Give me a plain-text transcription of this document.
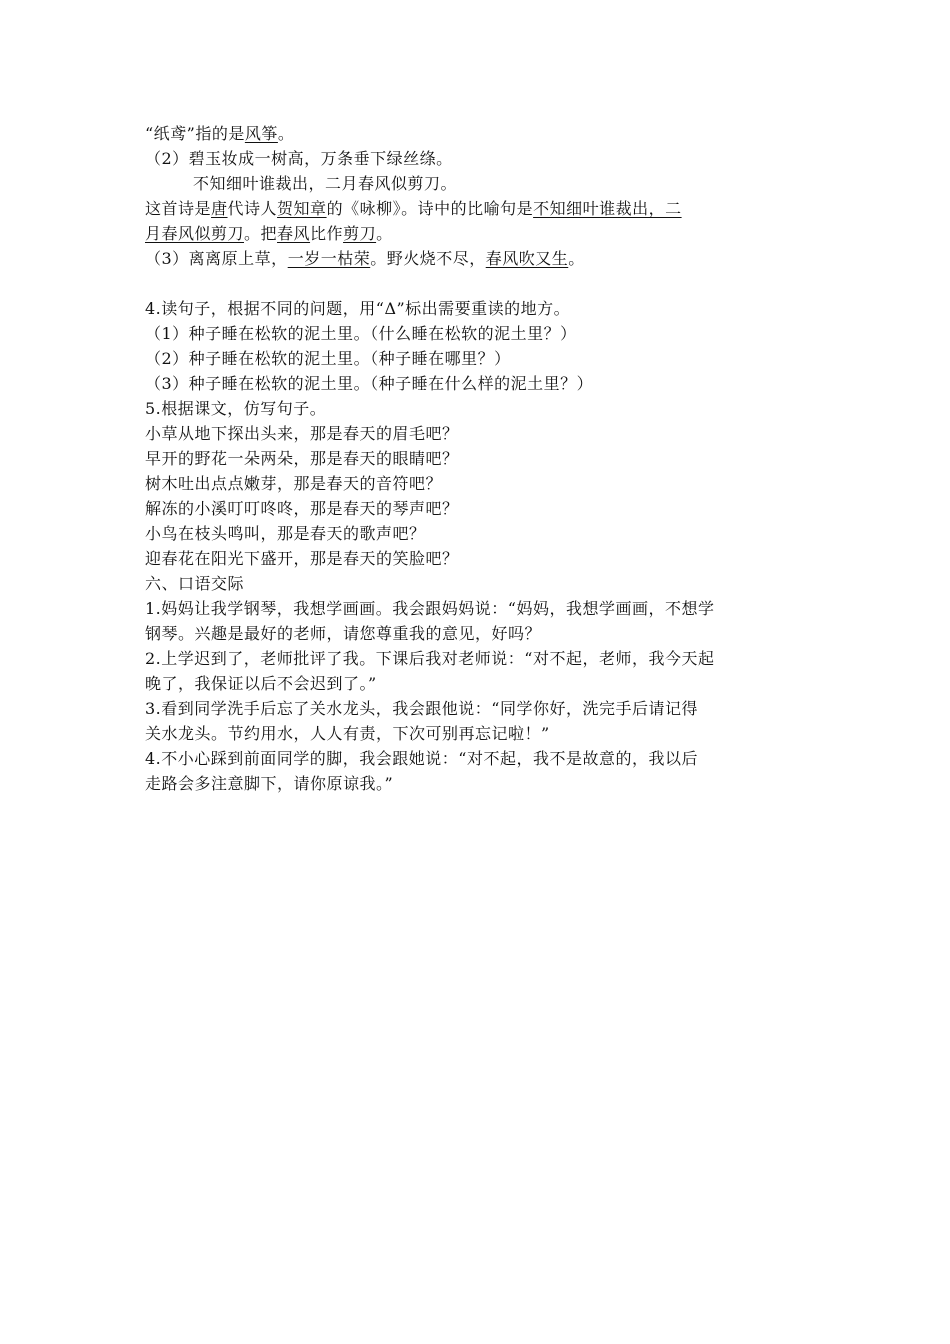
“纸鸢”指的是风筝。
（2）碧玉妆成一树高，万条垂下绿丝绦。
不知细叶谁裁出，二月春风似剪刀。
这首诗是唐代诗人贺知章的《咏柳》。诗中的比喻句是不知细叶谁裁出，二
月春风似剪刀。把春风比作剪刀。
（3）离离原上草，一岁一枯荣。野火烧不尽，春风吹又生。
4.读句子，根据不同的问题，用“Δ”标出需要重读的地方。
（1）种子睡在松软的泥土里。（什么睡在松软的泥土里？）
（2）种子睡在松软的泥土里。（种子睡在哪里？）
（3）种子睡在松软的泥土里。（种子睡在什么样的泥土里？）
5.根据课文，仿写句子。
小草从地下探出头来，那是春天的眉毛吧？
早开的野花一朵两朵，那是春天的眼睛吧？
树木吐出点点嫩芽，那是春天的音符吧？
解冻的小溪叮叮咚咚，那是春天的琴声吧？
小鸟在枝头鸣叫，那是春天的歌声吧？
迎春花在阳光下盛开，那是春天的笑脸吧？
六、口语交际
1.妈妈让我学钢琴，我想学画画。我会跟妈妈说：“妈妈，我想学画画，不想学
钢琴。兴趣是最好的老师，请您尊重我的意见，好吗？
2.上学迟到了，老师批评了我。下课后我对老师说：“对不起，老师，我今天起
晚了，我保证以后不会迟到了。”
3.看到同学洗手后忘了关水龙头，我会跟他说：“同学你好，洗完手后请记得
关水龙头。节约用水，人人有责，下次可别再忘记啦！”
4.不小心踩到前面同学的脚，我会跟她说：“对不起，我不是故意的，我以后
走路会多注意脚下，请你原谅我。”
